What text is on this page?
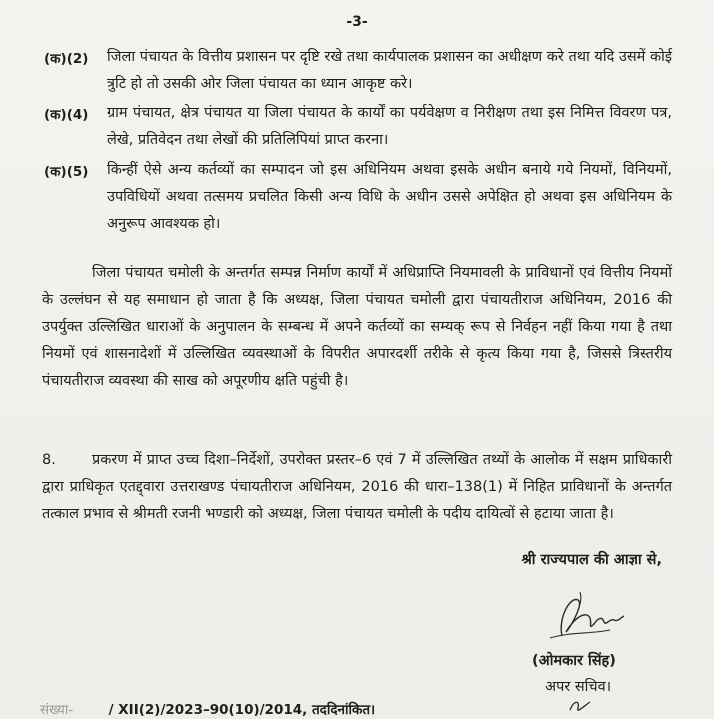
-3-
(क)(2) जिला पंचायत के वित्तीय प्रशासन पर दृष्टि रखे तथा कार्यपालक प्रशासन का अधीक्षण करे तथा यदि उसमें कोई त्रुटि हो तो उसकी ओर जिला पंचायत का ध्यान आकृष्ट करे।
(क)(4) ग्राम पंचायत, क्षेत्र पंचायत या जिला पंचायत के कार्यों का पर्यवेक्षण व निरीक्षण तथा इस निमित्त विवरण पत्र, लेखे, प्रतिवेदन तथा लेखों की प्रतिलिपियां प्राप्त करना।
(क)(5) किन्हीं ऐसे अन्य कर्तव्यों का सम्पादन जो इस अधिनियम अथवा इसके अधीन बनाये गये नियमों, विनियमों, उपविधियों अथवा तत्समय प्रचलित किसी अन्य विधि के अधीन उससे अपेक्षित हो अथवा इस अधिनियम के अनुरूप आवश्यक हो।
जिला पंचायत चमोली के अन्तर्गत सम्पन्न निर्माण कार्यों में अधिप्राप्ति नियमावली के प्राविधानों एवं वित्तीय नियमों के उल्लंघन से यह समाधान हो जाता है कि अध्यक्ष, जिला पंचायत चमोली द्वारा पंचायतीराज अधिनियम, 2016 की उपर्युक्त उल्लिखित धाराओं के अनुपालन के सम्बन्ध में अपने कर्तव्यों का सम्यक् रूप से निर्वहन नहीं किया गया है तथा नियमों एवं शासनादेशों में उल्लिखित व्यवस्थाओं के विपरीत अपारदर्शी तरीके से कृत्य किया गया है, जिससे त्रिस्तरीय पंचायतीराज व्यवस्था की साख को अपूरणीय क्षति पहुंची है।
8.	प्रकरण में प्राप्त उच्च दिशा–निर्देशों, उपरोक्त प्रस्तर–6 एवं 7 में उल्लिखित तथ्यों के आलोक में सक्षम प्राधिकारी द्वारा प्राधिकृत एतद्द्वारा उत्तराखण्ड पंचायतीराज अधिनियम, 2016 की धारा–138(1) में निहित प्राविधानों के अन्तर्गत तत्काल प्रभाव से श्रीमती रजनी भण्डारी को अध्यक्ष, जिला पंचायत चमोली के पदीय दायित्वों से हटाया जाता है।
श्री राज्यपाल की आज्ञा से,
(ओमकार सिंह)
अपर सचिव।
संख्या-	/ XII(2)/2023–90(10)/2014, तददिनांकित।
